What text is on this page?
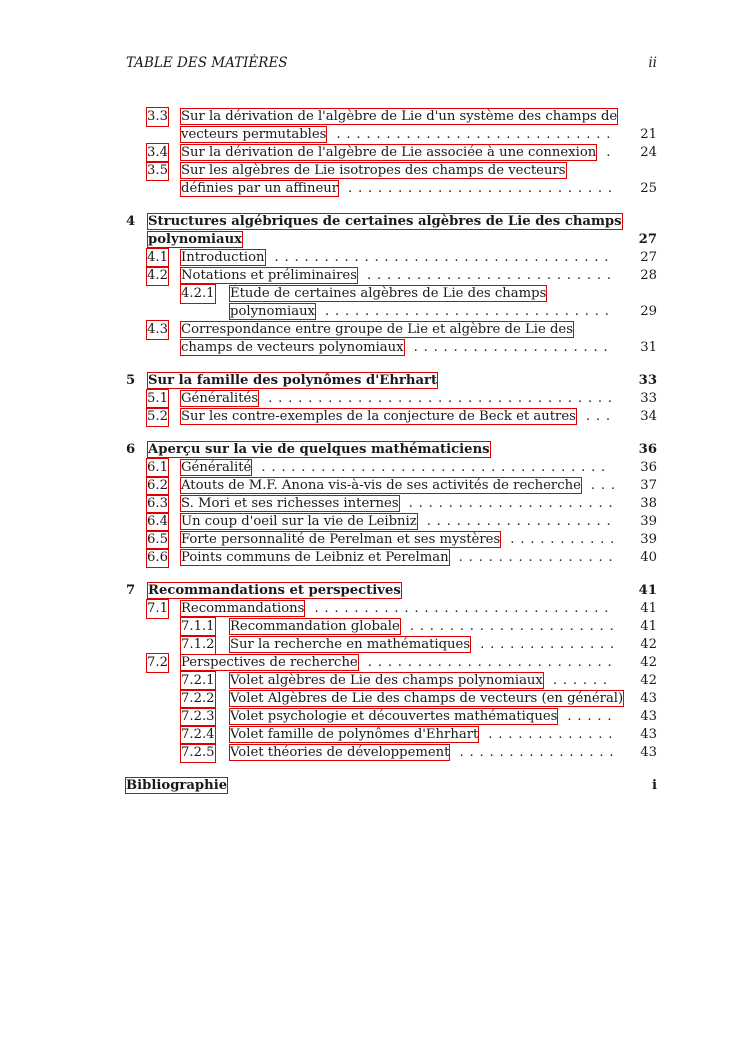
TABLE DES MATIÈRES	ii
3.3 Sur la dérivation de l'algèbre de Lie d'un système des champs de vecteurs permutables ............................	21
3.4 Sur la dérivation de l'algèbre de Lie associée à une connexion .	24
3.5 Sur les algèbres de Lie isotropes des champs de vecteurs définies par un affineur ...........................	25
4 Structures algébriques de certaines algèbres de Lie des champs polynomiaux	27
4.1 Introduction ..................................	27
4.2 Notations et préliminaires .........................	28
4.2.1	Étude de certaines algèbres de Lie des champs polynomiaux .............................	29
4.3 Correspondance entre groupe de Lie et algèbre de Lie des champs de vecteurs polynomiaux ....................	31
5 Sur la famille des polynômes d'Ehrhart	33
5.1 Généralités ...................................	33
5.2 Sur les contre-exemples de la conjecture de Beck et autres ...	34
6 Aperçu sur la vie de quelques mathématiciens	36
6.1 Généralité ...................................	36
6.2 Atouts de M.F. Anona vis-à-vis de ses activités de recherche ...	37
6.3 S. Mori et ses richesses internes .....................	38
6.4 Un coup d'oeil sur la vie de Leibniz ...................	39
6.5 Forte personnalité de Perelman et ses mystères ...........	39
6.6 Points communs de Leibniz et Perelman ................	40
7 Recommandations et perspectives	41
7.1 Recommandations ..............................	41
7.1.1	Recommandation globale .....................	41
7.1.2	Sur la recherche en mathématiques ..............	42
7.2 Perspectives de recherche .........................	42
7.2.1	Volet algèbres de Lie des champs polynomiaux ......	42
7.2.2	Volet Algèbres de Lie des champs de vecteurs (en général)	43
7.2.3	Volet psychologie et découvertes mathématiques .....	43
7.2.4	Volet famille de polynômes d'Ehrhart .............	43
7.2.5	Volet théories de développement ................	43
Bibliographie	i
